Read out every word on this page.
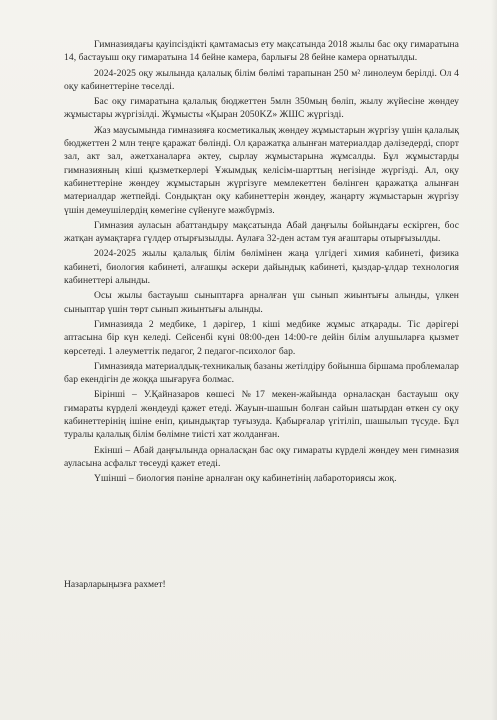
Гимназиядағы қауіпсіздікті қамтамасыз ету мақсатында 2018 жылы бас оқу гимаратына 14, бастауыш оқу гимаратына 14 бейне камера, барлығы 28 бейне камера орнатылды.

2024-2025 оқу жылында қалалық білім бөлімі тарапынан 250 м² линолеум берілді. Ол 4 оқу кабинеттеріне төселді.

Бас оқу гимаратына қалалық бюджеттен 5млн 350мың бөліп, жылу жүйесіне жөндеу жұмыстары жүргізілді. Жұмысты «Қыран 2050KZ» ЖШС жүргізді.

Жаз маусымында гимназияға косметикалық жөндеу жұмыстарын жүргізу үшін қалалық бюджеттен 2 млн теңге қаражат бөлінді. Ол қаражатқа алынған материалдар дәлізедерді, спорт зал, акт зал, әжетханаларға әктеу, сырлау жұмыстарына жұмсалды. Бұл жұмыстарды гимназияның кіші қызметкерлері Ұжымдық келісім-шарттың негізінде жүргізді. Ал, оқу кабинеттеріне жөндеу жұмыстарын жүргізуге мемлекеттен бөлінген қаражатқа алынған материалдар жетпейді. Сондықтан оқу кабинеттерін жөндеу, жаңарту жұмыстарын жүргізу үшін демеушілердің көмегіне сүйенуге мәжбүрміз.

Гимназия ауласын абаттандыру мақсатында Абай даңғылы бойындағы ескірген, бос жатқан аумақтарға гүлдер отырғызылды. Аулаға 32-ден астам туя ағаштары отырғызылды.

2024-2025 жылы қалалық білім бөлімінен жаңа үлгідегі химия кабинеті, физика кабинеті, биология кабинеті, алғашқы әскери дайындық кабинеті, қыздар-ұлдар технология кабинеттері алынды.

Осы жылы бастауыш сыныптарға арналған үш сынып жиынтығы алынды, үлкен сыныптар үшін төрт сынып жиынтығы алынды.

Гимназияда 2 медбике, 1 дәрігер, 1 кіші медбике жұмыс атқарады. Тіс дәрігері аптасына бір күн келеді. Сейсенбі күні 08:00-ден 14:00-ге дейін білім алушыларға қызмет көрсетеді. 1 әлеуметтік педагог, 2 педагог-психолог бар.

Гимназияда материалдық-техникалық базаны жетілдіру бойынша біршама проблемалар бар екендігін де жоққа шығаруға болмас.

Бірінші – У.Қайназаров көшесі №17 мекен-жайында орналасқан бастауыш оқу гимараты күрделі жөндеуді қажет етеді. Жауын-шашын болған сайын шатырдан өткен су оқу кабинеттерінің ішіне еніп, қиындықтар туғызуда. Қабырғалар үгітіліп, шашылып түсуде. Бұл туралы қалалық білім бөлімне тиісті хат жолданған.

Екінші – Абай даңғылында орналасқан бас оқу гимараты күрделі жөндеу мен гимназия ауласына асфальт төсеуді қажет етеді.

Үшінші – биология пәніне арналған оқу кабинетінің лабароториясы жоқ.

Назарларыңызға рахмет!
